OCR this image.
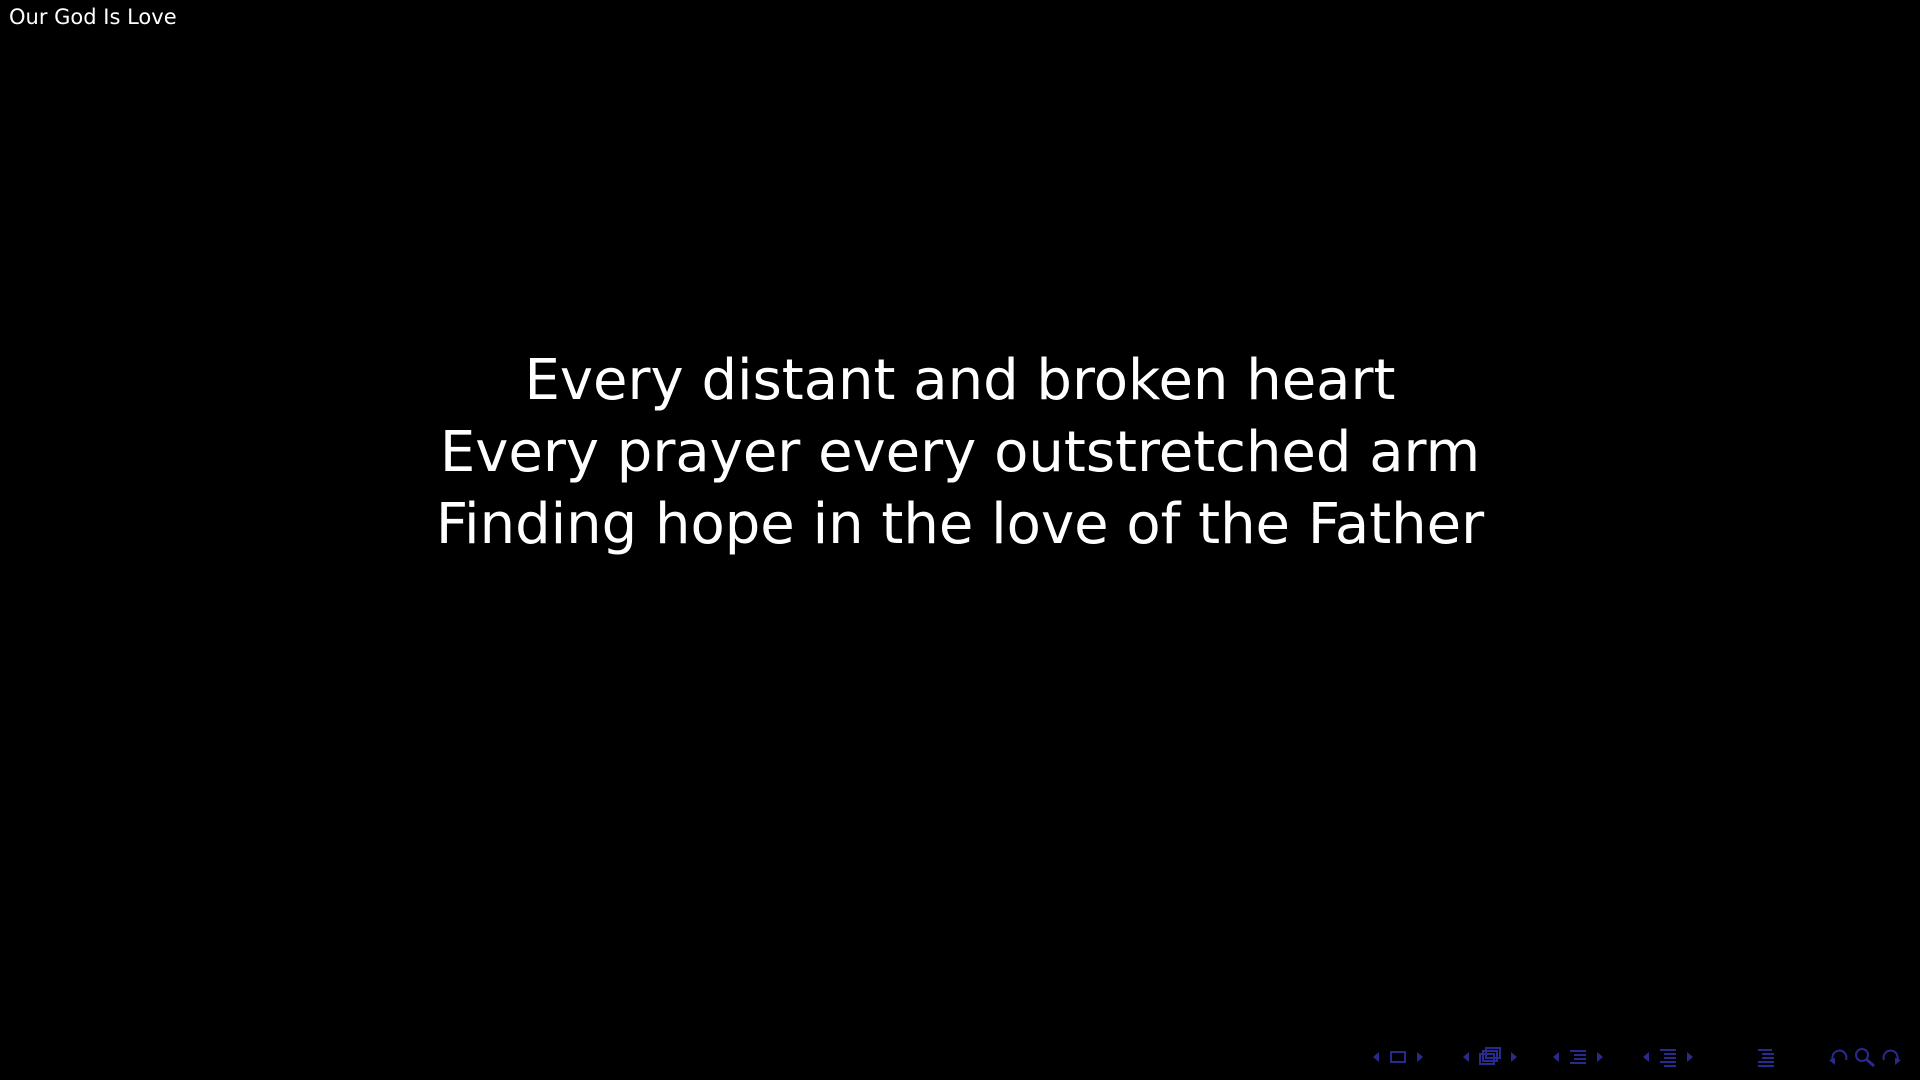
Our God Is Love
Every distant and broken heart
Every prayer every outstretched arm
Finding hope in the love of the Father
